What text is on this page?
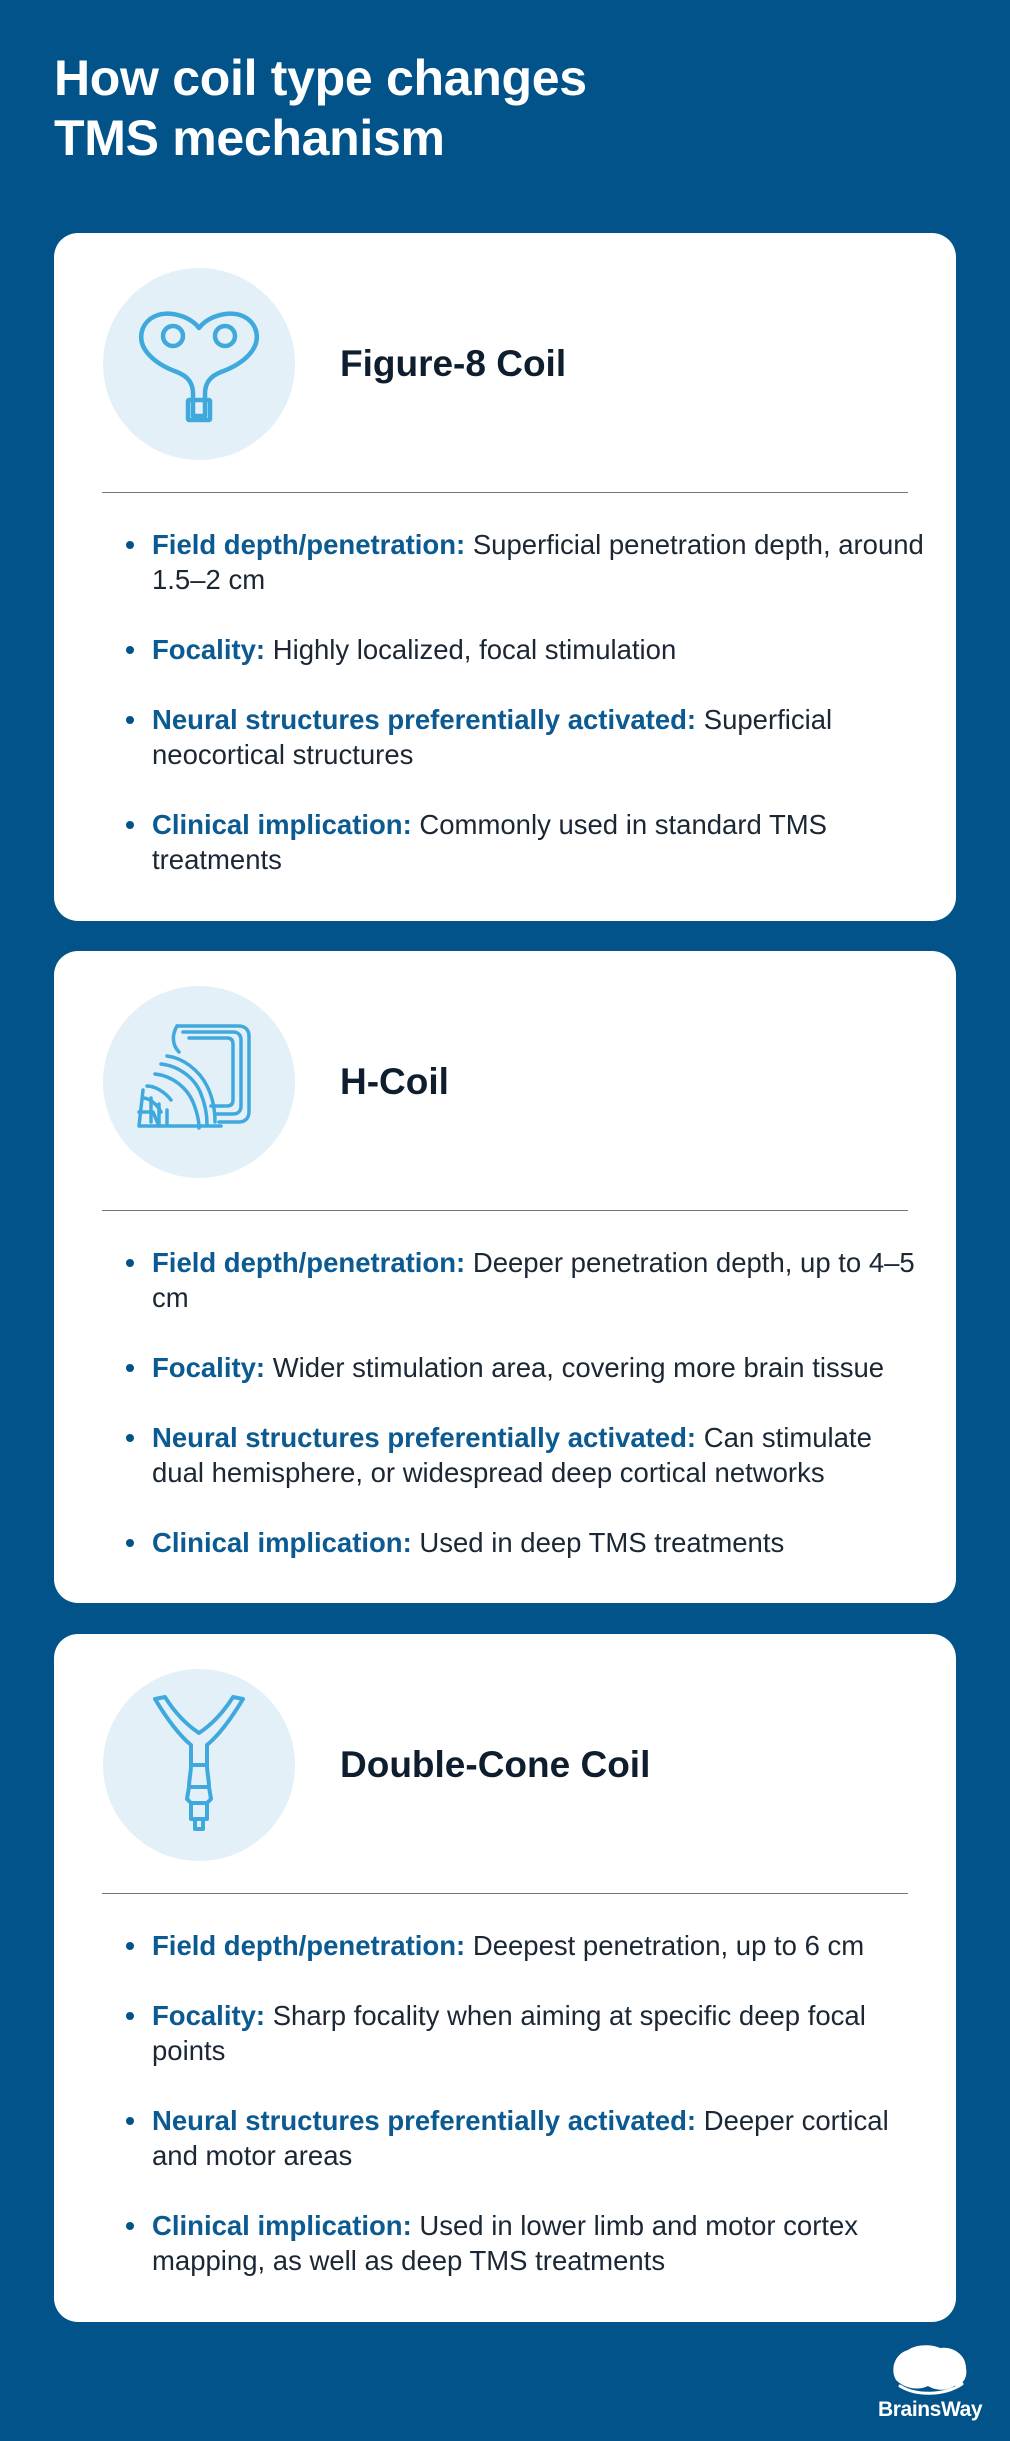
How coil type changes
TMS mechanism
Figure-8 Coil
Field depth/penetration: Superficial penetration depth, around 1.5–2 cm
Focality: Highly localized, focal stimulation
Neural structures preferentially activated: Superficial neocortical structures
Clinical implication: Commonly used in standard TMS treatments
H-Coil
Field depth/penetration: Deeper penetration depth, up to 4–5 cm
Focality: Wider stimulation area, covering more brain tissue
Neural structures preferentially activated: Can stimulate dual hemisphere, or widespread deep cortical networks
Clinical implication: Used in deep TMS treatments
Double-Cone Coil
Field depth/penetration: Deepest penetration, up to 6 cm
Focality: Sharp focality when aiming at specific deep focal points
Neural structures preferentially activated: Deeper cortical and motor areas
Clinical implication: Used in lower limb and motor cortex mapping, as well as deep TMS treatments
BrainsWay
